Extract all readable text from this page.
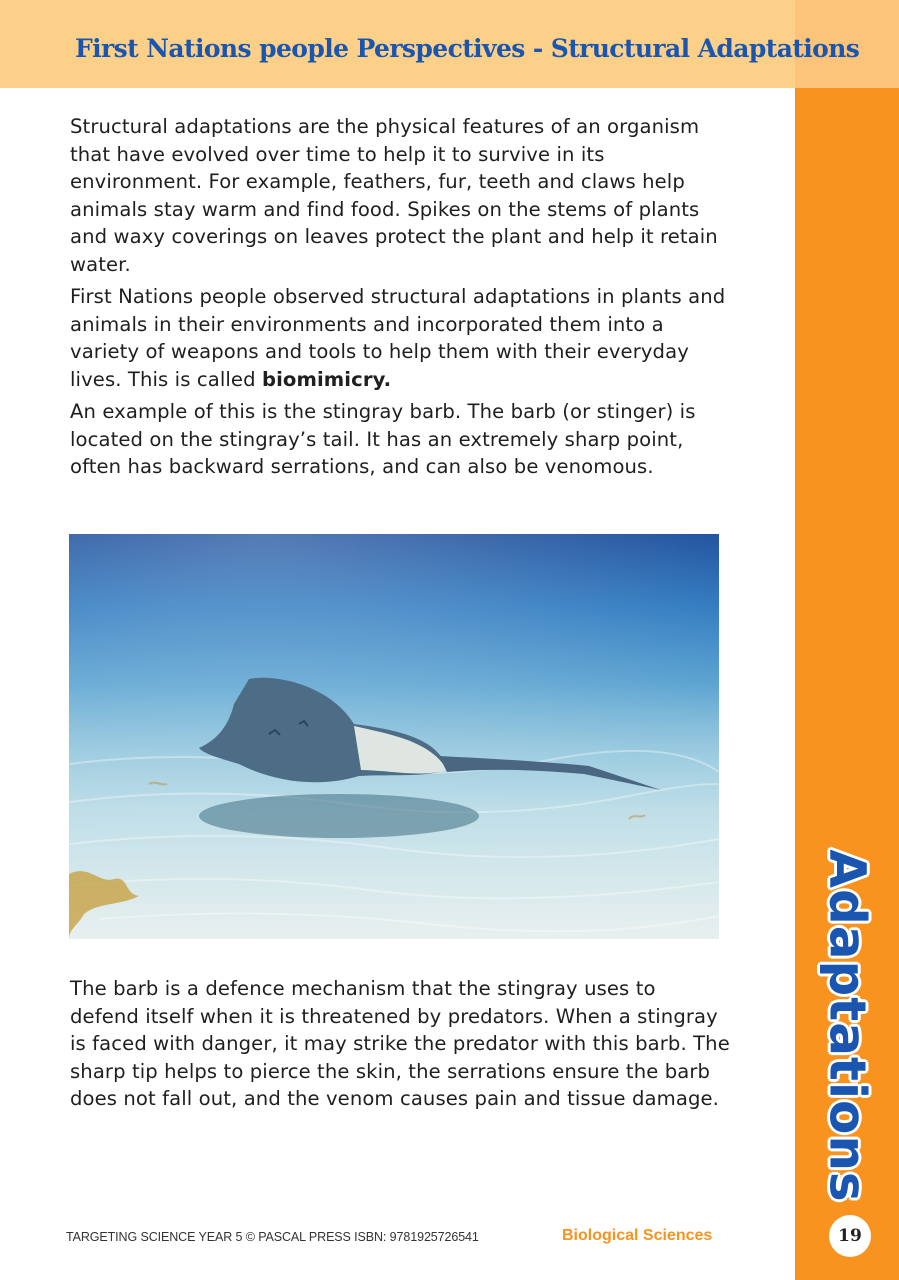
First Nations people Perspectives - Structural Adaptations

Structural adaptations are the physical features of an organism that have evolved over time to help it to survive in its environment. For example, feathers, fur, teeth and claws help animals stay warm and find food. Spikes on the stems of plants and waxy coverings on leaves protect the plant and help it retain water.

First Nations people observed structural adaptations in plants and animals in their environments and incorporated them into a variety of weapons and tools to help them with their everyday lives. This is called biomimicry.

An example of this is the stingray barb. The barb (or stinger) is located on the stingray’s tail. It has an extremely sharp point, often has backward serrations, and can also be venomous.

The barb is a defence mechanism that the stingray uses to defend itself when it is threatened by predators. When a stingray is faced with danger, it may strike the predator with this barb. The sharp tip helps to pierce the skin, the serrations ensure the barb does not fall out, and the venom causes pain and tissue damage. Adaptations
TARGETING SCIENCE YEAR 5 © PASCAL PRESS ISBN: 9781925726541	Biological Sciences	19
